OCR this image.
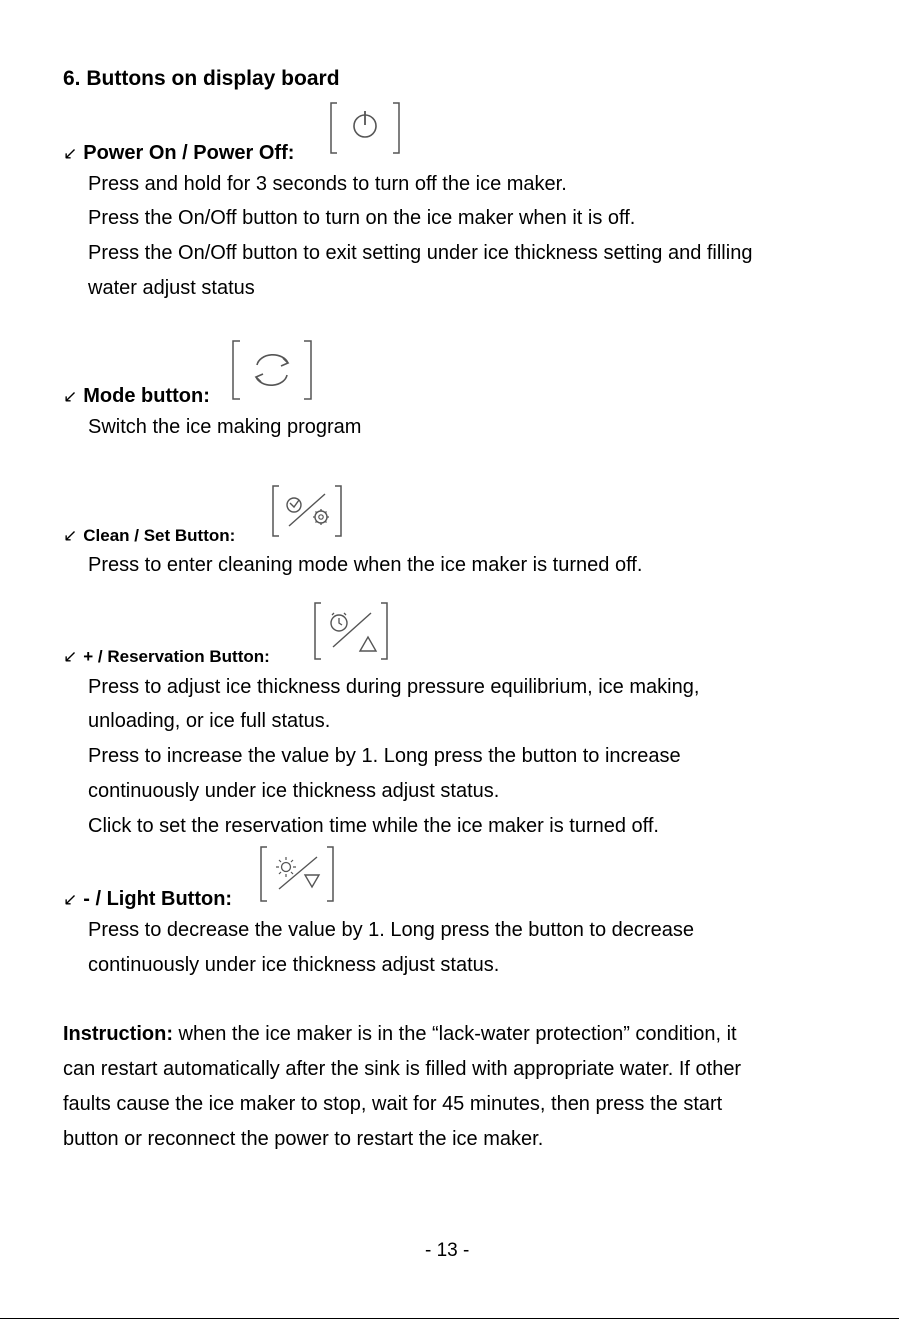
6. Buttons on display board
↙ Power On / Power Off:
Press and hold for 3 seconds to turn off the ice maker.
Press the On/Off button to turn on the ice maker when it is off.
Press the On/Off button to exit setting under ice thickness setting and filling
water adjust status
↙ Mode button:
Switch the ice making program
↙ Clean / Set Button:
Press to enter cleaning mode when the ice maker is turned off.
↙ + / Reservation Button:
Press to adjust ice thickness during pressure equilibrium, ice making,
unloading, or ice full status.
Press to increase the value by 1. Long press the button to increase
continuously under ice thickness adjust status.
Click to set the reservation time while the ice maker is turned off.
↙ - / Light Button:
Press to decrease the value by 1. Long press the button to decrease
continuously under ice thickness adjust status.
Instruction: when the ice maker is in the “lack-water protection” condition, it
can restart automatically after the sink is filled with appropriate water. If other
faults cause the ice maker to stop, wait for 45 minutes, then press the start
button or reconnect the power to restart the ice maker.
- 13 -
